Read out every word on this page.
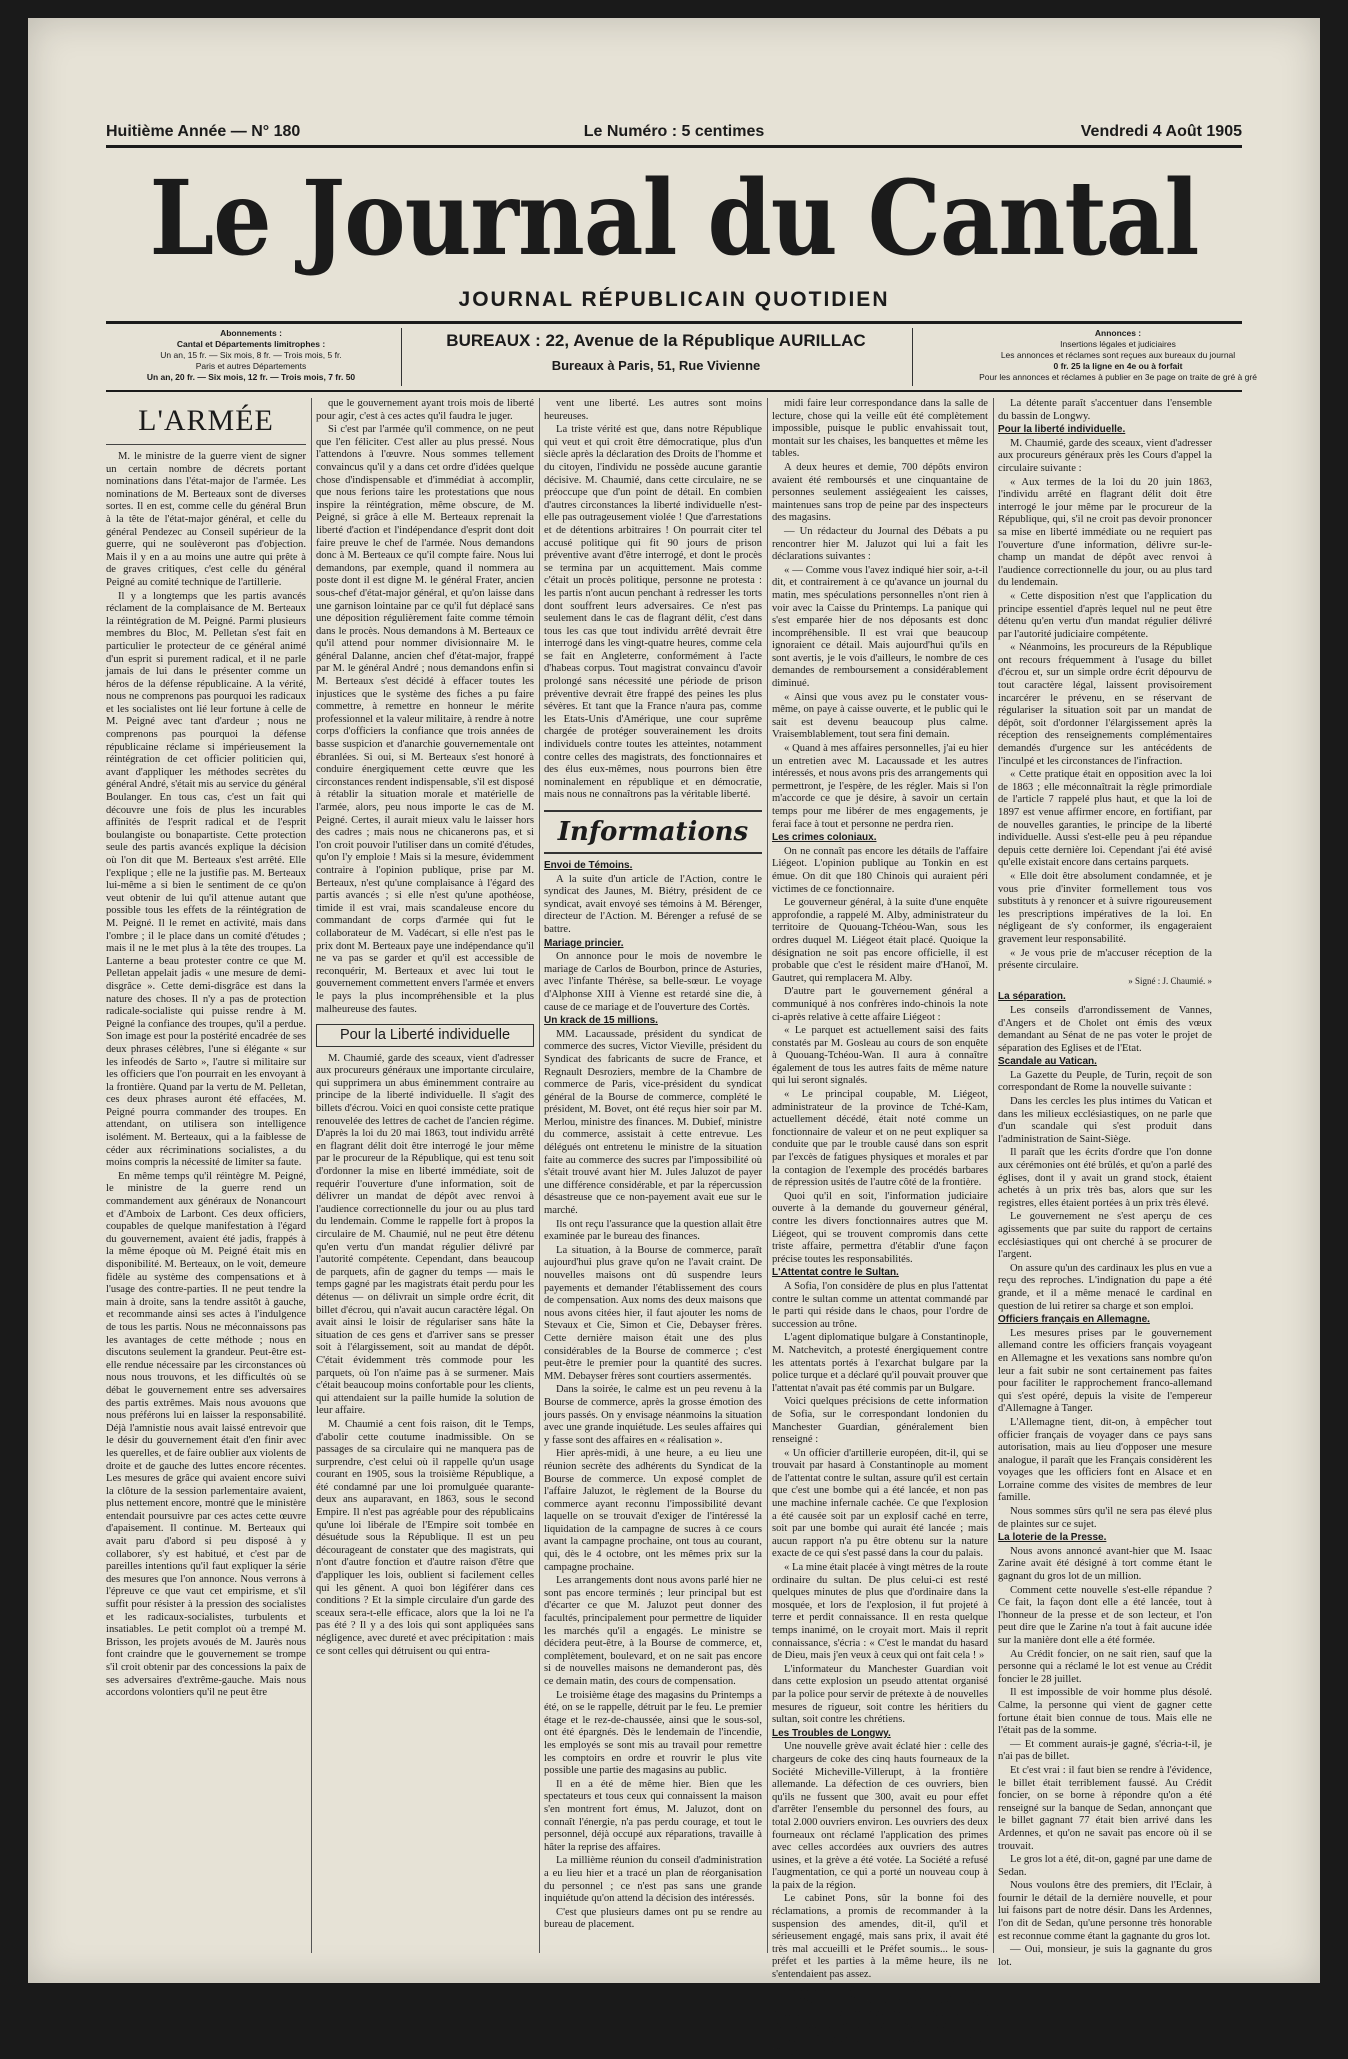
Huitième Année — N° 180	Le Numéro : 5 centimes	Vendredi 4 Août 1905
Le Journal du Cantal
JOURNAL RÉPUBLICAIN QUOTIDIEN
Abonnements :
Cantal et Départements limitrophes :
Un an, 15 fr. — Six mois, 8 fr. — Trois mois, 5 fr.
Paris et autres Départements
Un an, 20 fr. — Six mois, 12 fr. — Trois mois, 7 fr. 50
BUREAUX : 22, Avenue de la République AURILLAC
Bureaux à Paris, 51, Rue Vivienne
Annonces :
Insertions légales et judiciaires
Les annonces et réclames sont reçues aux bureaux du journal
0 fr. 25 la ligne en 4e ou à forfait
Pour les annonces et réclames à publier en 3e page on traite de gré à gré
L'ARMÉE

M. le ministre de la guerre vient de signer un certain nombre de décrets portant nominations dans l'état-major de l'armée. Les nominations de M. Berteaux sont de diverses sortes. Il en est, comme celle du général Brun à la tête de l'état-major général, et celle du général Pendezec au Conseil supérieur de la guerre, qui ne soulèveront pas d'objection. Mais il y en a au moins une autre qui prête à de graves critiques, c'est celle du général Peigné au comité technique de l'artillerie.

Il y a longtemps que les partis avancés réclament de la complaisance de M. Berteaux la réintégration de M. Peigné. Parmi plusieurs membres du Bloc, M. Pelletan s'est fait en particulier le protecteur de ce général animé d'un esprit si purement radical, et il ne parle jamais de lui dans le présenter comme un héros de la défense républicaine. A la vérité, nous ne comprenons pas pourquoi les radicaux et les socialistes ont lié leur fortune à celle de M. Peigné avec tant d'ardeur ; nous ne comprenons pas pourquoi la défense républicaine réclame si impérieusement la réintégration de cet officier politicien qui, avant d'appliquer les méthodes secrètes du général André, s'était mis au service du général Boulanger. En tous cas, c'est un fait qui découvre une fois de plus les incurables affinités de l'esprit radical et de l'esprit boulangiste ou bonapartiste. Cette protection seule des partis avancés explique la décision où l'on dit que M. Berteaux s'est arrêté. Elle l'explique ; elle ne la justifie pas. M. Berteaux lui-même a si bien le sentiment de ce qu'on veut obtenir de lui qu'il attenue autant que possible tous les effets de la réintégration de M. Peigné. Il le remet en activité, mais dans l'ombre ; il le place dans un comité d'études ; mais il ne le met plus à la tête des troupes. La Lanterne a beau protester contre ce que M. Pelletan appelait jadis « une mesure de demi-disgrâce ». Cette demi-disgrâce est dans la nature des choses. Il n'y a pas de protection radicale-socialiste qui puisse rendre à M. Peigné la confiance des troupes, qu'il a perdue. Son image est pour la postérité encadrée de ses deux phrases célèbres, l'une si élégante « sur les infeodés de Sarto », l'autre si militaire sur les officiers que l'on pourrait en les envoyant à la frontière. Quand par la vertu de M. Pelletan, ces deux phrases auront été effacées, M. Peigné pourra commander des troupes. En attendant, on utilisera son intelligence isolément. M. Berteaux, qui a la faiblesse de céder aux récriminations socialistes, a du moins compris la nécessité de limiter sa faute.

En même temps qu'il réintègre M. Peigné, le ministre de la guerre rend un commandement aux généraux de Nonancourt et d'Amboix de Larbont. Ces deux officiers, coupables de quelque manifestation à l'égard du gouvernement, avaient été jadis, frappés à la même époque où M. Peigné était mis en disponibilité. M. Berteaux, on le voit, demeure fidèle au système des compensations et à l'usage des contre-parties. Il ne peut tendre la main à droite, sans la tendre assitôt à gauche, et recommande ainsi ses actes à l'indulgence de tous les partis. Nous ne méconnaissons pas les avantages de cette méthode ; nous en discutons seulement la grandeur. Peut-être est-elle rendue nécessaire par les circonstances où nous nous trouvons, et les difficultés où se débat le gouvernement entre ses adversaires des partis extrêmes. Mais nous avouons que nous préférons lui en laisser la responsabilité. Déjà l'amnistie nous avait laissé entrevoir que le désir du gouvernement était d'en finir avec les querelles, et de faire oublier aux violents de droite et de gauche des luttes encore récentes. Les mesures de grâce qui avaient encore suivi la clôture de la session parlementaire avaient, plus nettement encore, montré que le ministère entendait poursuivre par ces actes cette œuvre d'apaisement. Il continue. M. Berteaux qui avait paru d'abord si peu disposé à y collaborer, s'y est habitué, et c'est par de pareilles intentions qu'il faut expliquer la série des mesures que l'on annonce. Nous verrons à l'épreuve ce que vaut cet empirisme, et s'il suffit pour résister à la pression des socialistes et les radicaux-socialistes, turbulents et insatiables. Le petit complot où a trempé M. Brisson, les projets avoués de M. Jaurès nous font craindre que le gouvernement se trompe s'il croit obtenir par des concessions la paix de ses adversaires d'extrême-gauche. Mais nous accordons volontiers qu'il ne peut être

que le gouvernement ayant trois mois de liberté pour agir, c'est à ces actes qu'il faudra le juger.

Si c'est par l'armée qu'il commence, on ne peut que l'en féliciter. C'est aller au plus pressé. Nous l'attendons à l'œuvre. Nous sommes tellement convaincus qu'il y a dans cet ordre d'idées quelque chose d'indispensable et d'immédiat à accomplir, que nous ferions taire les protestations que nous inspire la réintégration, même obscure, de M. Peigné, si grâce à elle M. Berteaux reprenait la liberté d'action et l'indépendance d'esprit dont doit faire preuve le chef de l'armée. Nous demandons donc à M. Berteaux ce qu'il compte faire. Nous lui demandons, par exemple, quand il nommera au poste dont il est digne M. le général Frater, ancien sous-chef d'état-major général, et qu'on laisse dans une garnison lointaine par ce qu'il fut déplacé sans une déposition régulièrement faite comme témoin dans le procès. Nous demandons à M. Berteaux ce qu'il attend pour nommer divisionnaire M. le général Dalanne, ancien chef d'état-major, frappé par M. le général André ; nous demandons enfin si M. Berteaux s'est décidé à effacer toutes les injustices que le système des fiches a pu faire commettre, à remettre en honneur le mérite professionnel et la valeur militaire, à rendre à notre corps d'officiers la confiance que trois années de basse suspicion et d'anarchie gouvernementale ont ébranlées. Si oui, si M. Berteaux s'est honoré à conduire énergiquement cette œuvre que les circonstances rendent indispensable, s'il est disposé à rétablir la situation morale et matérielle de l'armée, alors, peu nous importe le cas de M. Peigné. Certes, il aurait mieux valu le laisser hors des cadres ; mais nous ne chicanerons pas, et si l'on croit pouvoir l'utiliser dans un comité d'études, qu'on l'y emploie ! Mais si la mesure, évidemment contraire à l'opinion publique, prise par M. Berteaux, n'est qu'une complaisance à l'égard des partis avancés ; si elle n'est qu'une apothéose, timide il est vrai, mais scandaleuse encore du commandant de corps d'armée qui fut le collaborateur de M. Vadécart, si elle n'est pas le prix dont M. Berteaux paye une indépendance qu'il ne va pas se garder et qu'il est accessible de reconquérir, M. Berteaux et avec lui tout le gouvernement commettent envers l'armée et envers le pays la plus incompréhensible et la plus malheureuse des fautes.

Pour la Liberté individuelle

M. Chaumié, garde des sceaux, vient d'adresser aux procureurs généraux une importante circulaire, qui supprimera un abus éminemment contraire au principe de la liberté individuelle. Il s'agit des billets d'écrou. Voici en quoi consiste cette pratique renouvelée des lettres de cachet de l'ancien régime. D'après la loi du 20 mai 1863, tout individu arrêté en flagrant délit doit être interrogé le jour même par le procureur de la République, qui est tenu soit d'ordonner la mise en liberté immédiate, soit de requérir l'ouverture d'une information, soit de délivrer un mandat de dépôt avec renvoi à l'audience correctionnelle du jour ou au plus tard du lendemain. Comme le rappelle fort à propos la circulaire de M. Chaumié, nul ne peut être détenu qu'en vertu d'un mandat régulier délivré par l'autorité compétente. Cependant, dans beaucoup de parquets, afin de gagner du temps — mais le temps gagné par les magistrats était perdu pour les détenus — on délivrait un simple ordre écrit, dit billet d'écrou, qui n'avait aucun caractère légal. On avait ainsi le loisir de régulariser sans hâte la situation de ces gens et d'arriver sans se presser soit à l'élargissement, soit au mandat de dépôt. C'était évidemment très commode pour les parquets, où l'on n'aime pas à se surmener. Mais c'était beaucoup moins confortable pour les clients, qui attendaient sur la paille humide la solution de leur affaire.

M. Chaumié a cent fois raison, dit le Temps, d'abolir cette coutume inadmissible. On se passages de sa circulaire qui ne manquera pas de surprendre, c'est celui où il rappelle qu'un usage courant en 1905, sous la troisième République, a été condamné par une loi promulguée quarante-deux ans auparavant, en 1863, sous le second Empire. Il n'est pas agréable pour des républicains qu'une loi libérale de l'Empire soit tombée en désuétude sous la République. Il est un peu décourageant de constater que des magistrats, qui n'ont d'autre fonction et d'autre raison d'être que d'appliquer les lois, oublient si facilement celles qui les gênent. A quoi bon légiférer dans ces conditions ? Et la simple circulaire d'un garde des sceaux sera-t-elle efficace, alors que la loi ne l'a pas été ? Il y a des lois qui sont appliquées sans négligence, avec dureté et avec précipitation : mais ce sont celles qui détruisent ou qui entra-

vent une liberté. Les autres sont moins heureuses.

La triste vérité est que, dans notre République qui veut et qui croit être démocratique, plus d'un siècle après la déclaration des Droits de l'homme et du citoyen, l'individu ne possède aucune garantie décisive. M. Chaumié, dans cette circulaire, ne se préoccupe que d'un point de détail. En combien d'autres circonstances la liberté individuelle n'est-elle pas outrageusement violée ! Que d'arrestations et de détentions arbitraires ! On pourrait citer tel accusé politique qui fit 90 jours de prison préventive avant d'être interrogé, et dont le procès se termina par un acquittement. Mais comme c'était un procès politique, personne ne protesta : les partis n'ont aucun penchant à redresser les torts dont souffrent leurs adversaires. Ce n'est pas seulement dans le cas de flagrant délit, c'est dans tous les cas que tout individu arrêté devrait être interrogé dans les vingt-quatre heures, comme cela se fait en Angleterre, conformément à l'acte d'habeas corpus. Tout magistrat convaincu d'avoir prolongé sans nécessité une période de prison préventive devrait être frappé des peines les plus sévères. Et tant que la France n'aura pas, comme les Etats-Unis d'Amérique, une cour suprême chargée de protéger souverainement les droits individuels contre toutes les atteintes, notamment contre celles des magistrats, des fonctionnaires et des élus eux-mêmes, nous pourrons bien être nominalement en république et en démocratie, mais nous ne connaîtrons pas la véritable liberté.

Informations

Envoi de Témoins.

A la suite d'un article de l'Action, contre le syndicat des Jaunes, M. Biétry, président de ce syndicat, avait envoyé ses témoins à M. Bérenger, directeur de l'Action. M. Bérenger a refusé de se battre.

Mariage princier.

On annonce pour le mois de novembre le mariage de Carlos de Bourbon, prince de Asturies, avec l'infante Thérèse, sa belle-sœur. Le voyage d'Alphonse XIII à Vienne est retardé sine die, à cause de ce mariage et de l'ouverture des Cortès.

Un krack de 15 millions.

MM. Lacaussade, président du syndicat de commerce des sucres, Victor Vieville, président du Syndicat des fabricants de sucre de France, et Regnault Desroziers, membre de la Chambre de commerce de Paris, vice-président du syndicat général de la Bourse de commerce, complété le président, M. Bovet, ont été reçus hier soir par M. Merlou, ministre des finances. M. Dubief, ministre du commerce, assistait à cette entrevue. Les délégués ont entretenu le ministre de la situation faite au commerce des sucres par l'impossibilité où s'était trouvé avant hier M. Jules Jaluzot de payer une différence considérable, et par la répercussion désastreuse que ce non-payement avait eue sur le marché.

Ils ont reçu l'assurance que la question allait être examinée par le bureau des finances.

La situation, à la Bourse de commerce, paraît aujourd'hui plus grave qu'on ne l'avait craint. De nouvelles maisons ont dû suspendre leurs payements et demander l'établissement des cours de compensation. Aux noms des deux maisons que nous avons citées hier, il faut ajouter les noms de Stevaux et Cie, Simon et Cie, Debayser frères. Cette dernière maison était une des plus considérables de la Bourse de commerce ; c'est peut-être le premier pour la quantité des sucres. MM. Debayser frères sont courtiers assermentés.

Dans la soirée, le calme est un peu revenu à la Bourse de commerce, après la grosse émotion des jours passés. On y envisage néanmoins la situation avec une grande inquiétude. Les seules affaires qui y fasse sont des affaires en « réalisation ».

Hier après-midi, à une heure, a eu lieu une réunion secrète des adhérents du Syndicat de la Bourse de commerce. Un exposé complet de l'affaire Jaluzot, le règlement de la Bourse du commerce ayant reconnu l'impossibilité devant laquelle on se trouvait d'exiger de l'intéressé la liquidation de la campagne de sucres à ce cours avant la campagne prochaine, ont tous au courant, qui, dès le 4 octobre, ont les mêmes prix sur la campagne prochaine.

Les arrangements dont nous avons parlé hier ne sont pas encore terminés ; leur principal but est d'écarter ce que M. Jaluzot peut donner des facultés, principalement pour permettre de liquider les marchés qu'il a engagés. Le ministre se décidera peut-être, à la Bourse de commerce, et, complètement, boulevard, et on ne sait pas encore si de nouvelles maisons ne demanderont pas, dès ce demain matin, des cours de compensation.

Le troisième étage des magasins du Printemps a été, on se le rappelle, détruit par le feu. Le premier étage et le rez-de-chaussée, ainsi que le sous-sol, ont été épargnés. Dès le lendemain de l'incendie, les employés se sont mis au travail pour remettre les comptoirs en ordre et rouvrir le plus vite possible une partie des magasins au public.

Il en a été de même hier. Bien que les spectateurs et tous ceux qui connaissent la maison s'en montrent fort émus, M. Jaluzot, dont on connaît l'énergie, n'a pas perdu courage, et tout le personnel, déjà occupé aux réparations, travaille à hâter la reprise des affaires.

La millième réunion du conseil d'administration a eu lieu hier et a tracé un plan de réorganisation du personnel ; ce n'est pas sans une grande inquiétude qu'on attend la décision des intéressés.

C'est que plusieurs dames ont pu se rendre au bureau de placement.

midi faire leur correspondance dans la salle de lecture, chose qui la veille eût été complètement impossible, puisque le public envahissait tout, montait sur les chaises, les banquettes et même les tables.

A deux heures et demie, 700 dépôts environ avaient été remboursés et une cinquantaine de personnes seulement assiégeaient les caisses, maintenues sans trop de peine par des inspecteurs des magasins.

— Un rédacteur du Journal des Débats a pu rencontrer hier M. Jaluzot qui lui a fait les déclarations suivantes :

« — Comme vous l'avez indiqué hier soir, a-t-il dit, et contrairement à ce qu'avance un journal du matin, mes spéculations personnelles n'ont rien à voir avec la Caisse du Printemps. La panique qui s'est emparée hier de nos déposants est donc incompréhensible. Il est vrai que beaucoup ignoraient ce détail. Mais aujourd'hui qu'ils en sont avertis, je le vois d'ailleurs, le nombre de ces demandes de remboursement a considérablement diminué.

« Ainsi que vous avez pu le constater vous-même, on paye à caisse ouverte, et le public qui le sait est devenu beaucoup plus calme. Vraisemblablement, tout sera fini demain.

« Quand à mes affaires personnelles, j'ai eu hier un entretien avec M. Lacaussade et les autres intéressés, et nous avons pris des arrangements qui permettront, je l'espère, de les régler. Mais si l'on m'accorde ce que je désire, à savoir un certain temps pour me libérer de mes engagements, je ferai face à tout et personne ne perdra rien.

Les crimes coloniaux.

On ne connaît pas encore les détails de l'affaire Liégeot. L'opinion publique au Tonkin en est émue. On dit que 180 Chinois qui auraient péri victimes de ce fonctionnaire.

Le gouverneur général, à la suite d'une enquête approfondie, a rappelé M. Alby, administrateur du territoire de Quouang-Tchéou-Wan, sous les ordres duquel M. Liégeot était placé. Quoique la désignation ne soit pas encore officielle, il est probable que c'est le résident maire d'Hanoï, M. Gautret, qui remplacera M. Alby.

D'autre part le gouvernement général a communiqué à nos confrères indo-chinois la note ci-après relative à cette affaire Liégeot :

« Le parquet est actuellement saisi des faits constatés par M. Gosleau au cours de son enquête à Quouang-Tchéou-Wan. Il aura à connaître également de tous les autres faits de même nature qui lui seront signalés.

« Le principal coupable, M. Liégeot, administrateur de la province de Tché-Kam, actuellement décédé, était noté comme un fonctionnaire de valeur et on ne peut expliquer sa conduite que par le trouble causé dans son esprit par l'excès de fatigues physiques et morales et par la contagion de l'exemple des procédés barbares de répression usités de l'autre côté de la frontière.

Quoi qu'il en soit, l'information judiciaire ouverte à la demande du gouverneur général, contre les divers fonctionnaires autres que M. Liégeot, qui se trouvent compromis dans cette triste affaire, permettra d'établir d'une façon précise toutes les responsabilités.

L'Attentat contre le Sultan.

A Sofia, l'on considère de plus en plus l'attentat contre le sultan comme un attentat commandé par le parti qui réside dans le chaos, pour l'ordre de succession au trône.

L'agent diplomatique bulgare à Constantinople, M. Natchevitch, a protesté énergiquement contre les attentats portés à l'exarchat bulgare par la police turque et a déclaré qu'il pouvait prouver que l'attentat n'avait pas été commis par un Bulgare.

Voici quelques précisions de cette information de Sofia, sur le correspondant londonien du Manchester Guardian, généralement bien renseigné :

« Un officier d'artillerie européen, dit-il, qui se trouvait par hasard à Constantinople au moment de l'attentat contre le sultan, assure qu'il est certain que c'est une bombe qui a été lancée, et non pas une machine infernale cachée. Ce que l'explosion a été causée soit par un explosif caché en terre, soit par une bombe qui aurait été lancée ; mais aucun rapport n'a pu être obtenu sur la nature exacte de ce qui s'est passé dans la cour du palais.

« La mine était placée à vingt mètres de la route ordinaire du sultan. De plus celui-ci est resté quelques minutes de plus que d'ordinaire dans la mosquée, et lors de l'explosion, il fut projeté à terre et perdit connaissance. Il en resta quelque temps inanimé, on le croyait mort. Mais il reprit connaissance, s'écria : « C'est le mandat du hasard de Dieu, mais j'en veux à ceux qui ont fait cela ! »

L'informateur du Manchester Guardian voit dans cette explosion un pseudo attentat organisé par la police pour servir de prétexte à de nouvelles mesures de rigueur, soit contre les héritiers du sultan, soit contre les chrétiens.

Les Troubles de Longwy.

Une nouvelle grève avait éclaté hier : celle des chargeurs de coke des cinq hauts fourneaux de la Société Micheville-Villerupt, à la frontière allemande. La défection de ces ouvriers, bien qu'ils ne fussent que 300, avait eu pour effet d'arrêter l'ensemble du personnel des fours, au total 2.000 ouvriers environ. Les ouvriers des deux fourneaux ont réclamé l'application des primes avec celles accordées aux ouvriers des autres usines, et la grève a été votée. La Société a refusé l'augmentation, ce qui a porté un nouveau coup à la paix de la région.

Le cabinet Pons, sûr la bonne foi des réclamations, a promis de recommander à la suspension des amendes, dit-il, qu'il et sérieusement engagé, mais sans prix, il avait été très mal accueilli et le Préfet soumis... le sous-préfet et les parties à la même heure, ils ne s'entendaient pas assez.

Le délégué a remis, hier, ce qu'il a été présenté par le maire à M. Gobert, directeur de la Société, a obtenu que les concessions obtenues seraient maintenues, et les ouvriers ont repris le travail.

Le conflit s'est donc apaisé dans la région de Villerupt.

La détente paraît s'accentuer dans l'ensemble du bassin de Longwy.

Pour la liberté individuelle.

M. Chaumié, garde des sceaux, vient d'adresser aux procureurs généraux près les Cours d'appel la circulaire suivante :

« Aux termes de la loi du 20 juin 1863, l'individu arrêté en flagrant délit doit être interrogé le jour même par le procureur de la République, qui, s'il ne croit pas devoir prononcer sa mise en liberté immédiate ou ne requiert pas l'ouverture d'une information, délivre sur-le-champ un mandat de dépôt avec renvoi à l'audience correctionnelle du jour, ou au plus tard du lendemain.

« Cette disposition n'est que l'application du principe essentiel d'après lequel nul ne peut être détenu qu'en vertu d'un mandat régulier délivré par l'autorité judiciaire compétente.

« Néanmoins, les procureurs de la République ont recours fréquemment à l'usage du billet d'écrou et, sur un simple ordre écrit dépourvu de tout caractère légal, laissent provisoirement incarcérer le prévenu, en se réservant de régulariser la situation soit par un mandat de dépôt, soit d'ordonner l'élargissement après la réception des renseignements complémentaires demandés d'urgence sur les antécédents de l'inculpé et les circonstances de l'infraction.

« Cette pratique était en opposition avec la loi de 1863 ; elle méconnaîtrait la règle primordiale de l'article 7 rappelé plus haut, et que la loi de 1897 est venue affirmer encore, en fortifiant, par de nouvelles garanties, le principe de la liberté individuelle. Aussi s'est-elle peu à peu répandue depuis cette dernière loi. Cependant j'ai été avisé qu'elle existait encore dans certains parquets.

« Elle doit être absolument condamnée, et je vous prie d'inviter formellement tous vos substituts à y renoncer et à suivre rigoureusement les prescriptions impératives de la loi. En négligeant de s'y conformer, ils engageraient gravement leur responsabilité.

« Je vous prie de m'accuser réception de la présente circulaire.

» Signé : J. Chaumié. »

La séparation.

Les conseils d'arrondissement de Vannes, d'Angers et de Cholet ont émis des vœux demandant au Sénat de ne pas voter le projet de séparation des Eglises et de l'Etat.

Scandale au Vatican.

La Gazette du Peuple, de Turin, reçoit de son correspondant de Rome la nouvelle suivante :

Dans les cercles les plus intimes du Vatican et dans les milieux ecclésiastiques, on ne parle que d'un scandale qui s'est produit dans l'administration de Saint-Siège.

Il paraît que les écrits d'ordre que l'on donne aux cérémonies ont été brûlés, et qu'on a parlé des églises, dont il y avait un grand stock, étaient achetés à un prix très bas, alors que sur les registres, elles étaient portées à un prix très élevé.

Le gouvernement ne s'est aperçu de ces agissements que par suite du rapport de certains ecclésiastiques qui ont cherché à se procurer de l'argent.

On assure qu'un des cardinaux les plus en vue a reçu des reproches. L'indignation du pape a été grande, et il a même menacé le cardinal en question de lui retirer sa charge et son emploi.

Officiers français en Allemagne.

Les mesures prises par le gouvernement allemand contre les officiers français voyageant en Allemagne et les vexations sans nombre qu'on leur a fait subir ne sont certainement pas faites pour faciliter le rapprochement franco-allemand qui s'est opéré, depuis la visite de l'empereur d'Allemagne à Tanger.

L'Allemagne tient, dit-on, à empêcher tout officier français de voyager dans ce pays sans autorisation, mais au lieu d'opposer une mesure analogue, il paraît que les Français considèrent les voyages que les officiers font en Alsace et en Lorraine comme des visites de membres de leur famille.

Nous sommes sûrs qu'il ne sera pas élevé plus de plaintes sur ce sujet.

La loterie de la Presse.

Nous avons annoncé avant-hier que M. Isaac Zarine avait été désigné à tort comme étant le gagnant du gros lot de un million.

Comment cette nouvelle s'est-elle répandue ? Ce fait, la façon dont elle a été lancée, tout à l'honneur de la presse et de son lecteur, et l'on peut dire que le Zarine n'a tout à fait aucune idée sur la manière dont elle a été formée.

Au Crédit foncier, on ne sait rien, sauf que la personne qui a réclamé le lot est venue au Crédit foncier le 28 juillet.

Il est impossible de voir homme plus désolé. Calme, la personne qui vient de gagner cette fortune était bien connue de tous. Mais elle ne l'était pas de la somme.

— Et comment aurais-je gagné, s'écria-t-il, je n'ai pas de billet.

Et c'est vrai : il faut bien se rendre à l'évidence, le billet était terriblement faussé. Au Crédit foncier, on se borne à répondre qu'on a été renseigné sur la banque de Sedan, annonçant que le billet gagnant 77 était bien arrivé dans les Ardennes, et qu'on ne savait pas encore où il se trouvait.

Le gros lot a été, dit-on, gagné par une dame de Sedan.

Nous voulons être des premiers, dit l'Eclair, à fournir le détail de la dernière nouvelle, et pour lui faisons part de notre désir. Dans les Ardennes, l'on dit de Sedan, qu'une personne très honorable est reconnue comme étant la gagnante du gros lot.

— Oui, monsieur, je suis la gagnante du gros lot.
